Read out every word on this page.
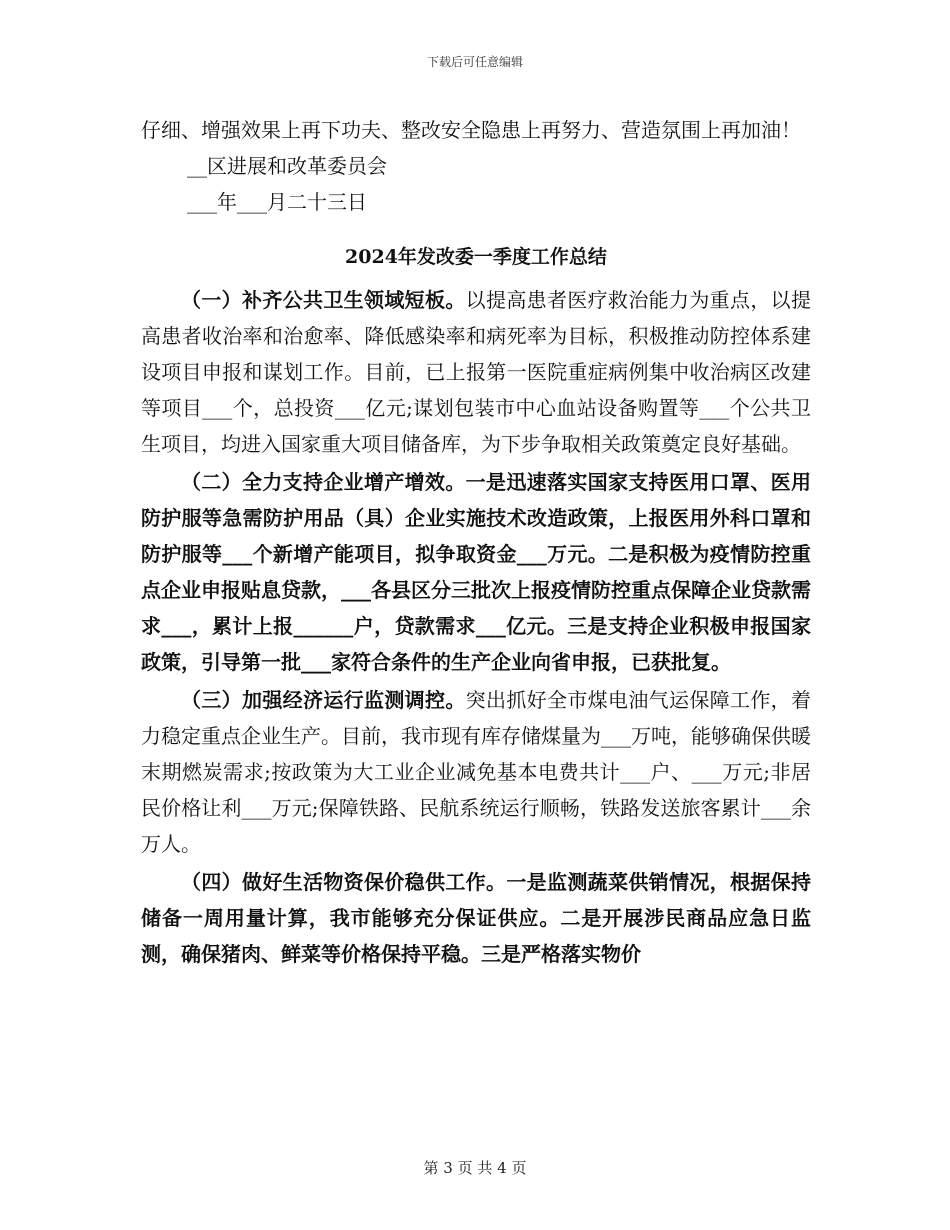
下载后可任意编辑

仔细、增强效果上再下功夫、整改安全隐患上再努力、营造氛围上再加油！

__区进展和改革委员会

___年___月二十三日

2024年发改委一季度工作总结

（一）补齐公共卫生领域短板。以提高患者医疗救治能力为重点，以提高患者收治率和治愈率、降低感染率和病死率为目标，积极推动防控体系建设项目申报和谋划工作。目前，已上报第一医院重症病例集中收治病区改建等项目___个，总投资___亿元;谋划包装市中心血站设备购置等___个公共卫生项目，均进入国家重大项目储备库，为下步争取相关政策奠定良好基础。

（二）全力支持企业增产增效。一是迅速落实国家支持医用口罩、医用防护服等急需防护用品（具）企业实施技术改造政策，上报医用外科口罩和防护服等___个新增产能项目，拟争取资金___万元。二是积极为疫情防控重点企业申报贴息贷款，___各县区分三批次上报疫情防控重点保障企业贷款需求___，累计上报______户，贷款需求___亿元。三是支持企业积极申报国家政策，引导第一批___家符合条件的生产企业向省申报，已获批复。

（三）加强经济运行监测调控。突出抓好全市煤电油气运保障工作，着力稳定重点企业生产。目前，我市现有库存储煤量为___万吨，能够确保供暖末期燃炭需求;按政策为大工业企业减免基本电费共计___户、___万元;非居民价格让利___万元;保障铁路、民航系统运行顺畅，铁路发送旅客累计___余万人。

（四）做好生活物资保价稳供工作。一是监测蔬菜供销情况，根据保持储备一周用量计算，我市能够充分保证供应。二是开展涉民商品应急日监测，确保猪肉、鲜菜等价格保持平稳。三是严格落实物价

第 3 页 共 4 页
